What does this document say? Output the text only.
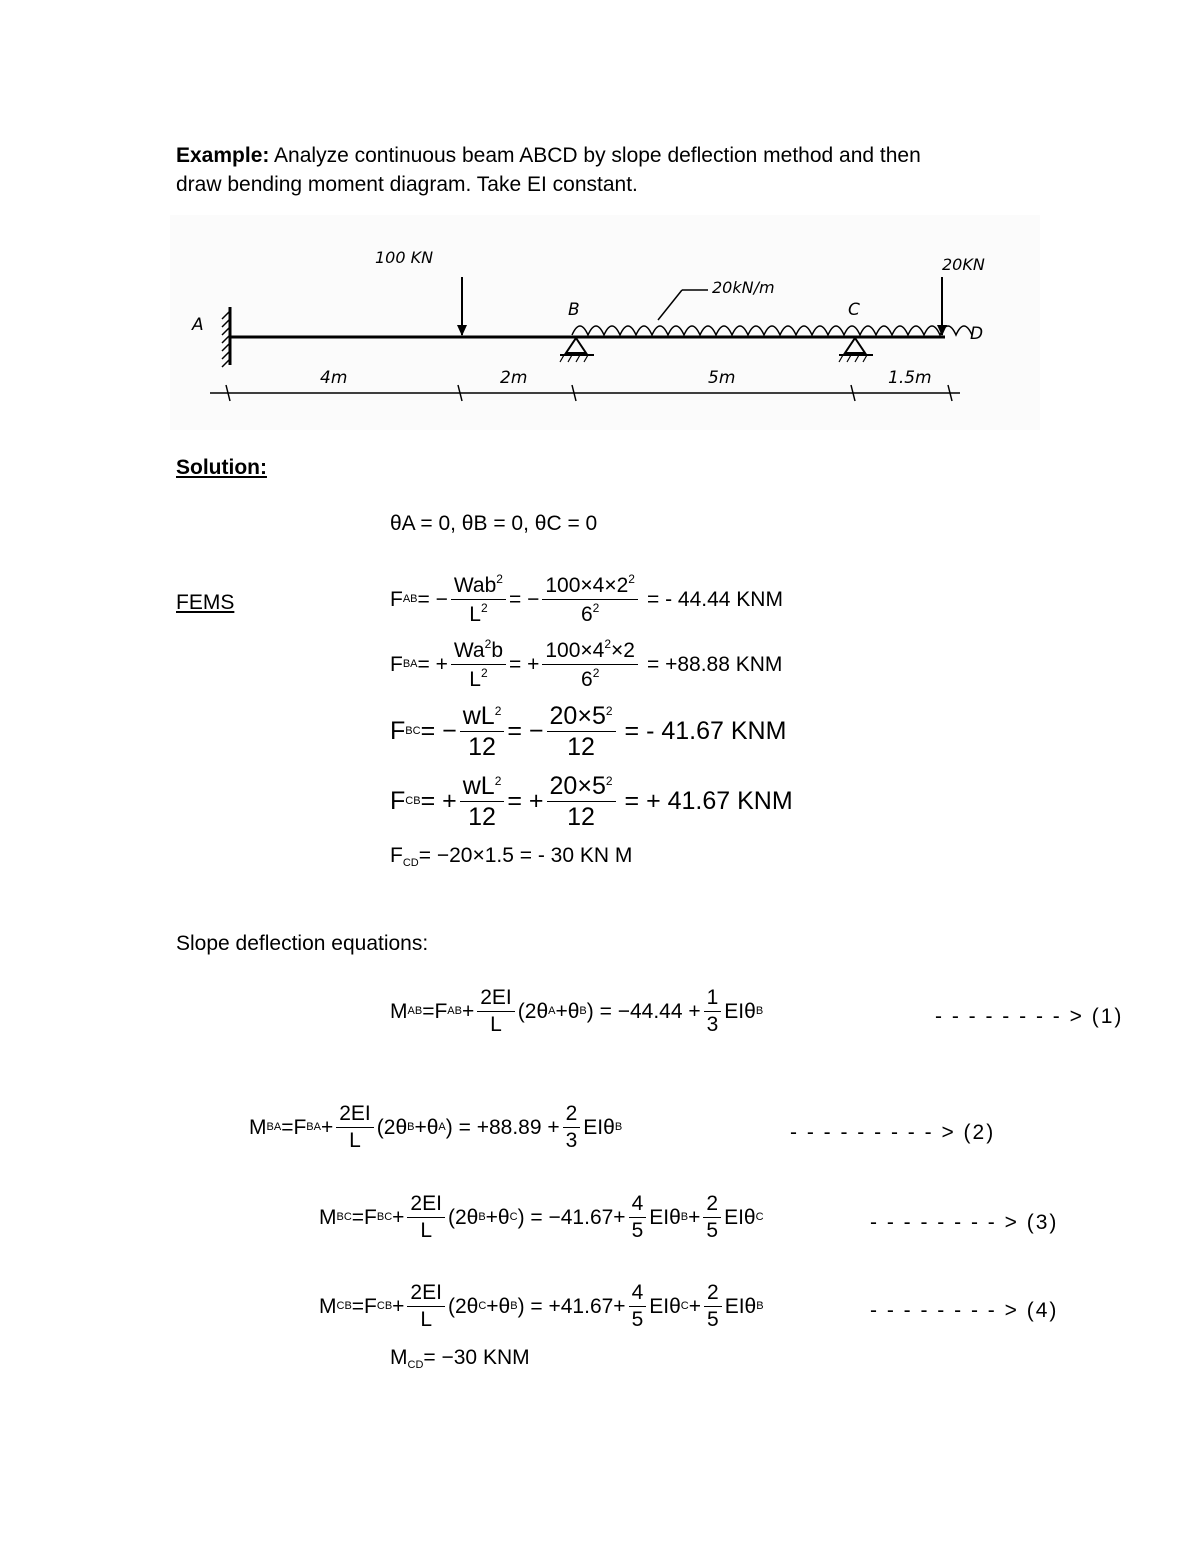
Example: Analyze continuous beam ABCD by slope deflection method and then
draw bending moment diagram. Take EI constant.
100 KN	20KN
20kN/m
A
B	C
D
4m	2m	5m	1.5m
Solution:
θA = 0, θB = 0, θC = 0
FEMS	F AB = − $\frac{Wab^2}{L^2}$ = − $\frac{100\times 4\times 2^2}{6^2}$ = - 44.44 KNM
F BA = + $\frac{Wa^2b}{L^2}$ = + $\frac{100\times 4^2\times 2}{6^2} = +88.88$ KNM
F BC = − $\frac{wL^2}{12}$ = − $\frac{20\times 5^2}{12}$ = - 41.67 KNM
F CB = + $\frac{wL^2}{12}$ = + $\frac{20\times 5^2}{12}$ = + 41.67 KNM
$F_{CD}= -20\times 1.5$ = - 30 KN M
Slope deflection equations:
M AB =F AB + $\frac{2EI}{L} (2\theta$ A +θ B ) = $-44.44 + \frac{1}{3}$ EIθ B	- - - - - - - - > (1)
M BA =F BA + $\frac{2EI}{L} (2\theta$ B +θ A ) = $+88.89 + \frac{2}{3}$ EIθ B	- - - - - - - - - > (2)
M BC =F BC + $\frac{2EI}{L} (2\theta$ B +θ C ) = $-41.67+ \frac{4}{5}$ EIθ $B + \frac{2}{5}$ EIθ C	- - - - - - - - > (3)
M CB =F CB + $\frac{2EI}{L} (2\theta$ C +θ B ) = $+41.67+ \frac{4}{5}$ EIθ $C + \frac{2}{5}$ EIθ B	- - - - - - - - > (4)
$M_{CD}= -30$ KNM
